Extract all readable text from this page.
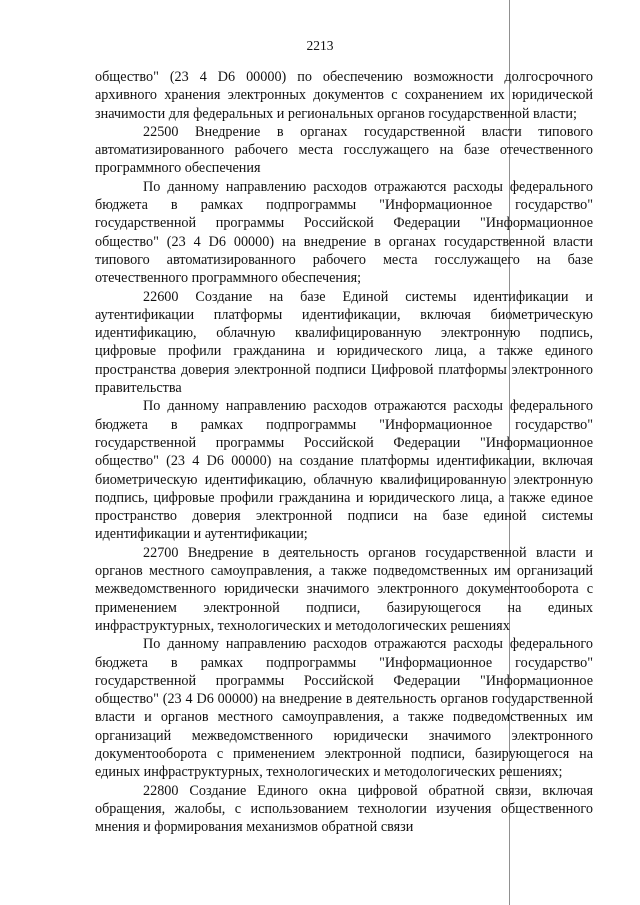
2213

общество" (23 4 D6 00000) по обеспечению возможности долгосрочного архивного хранения электронных документов с сохранением их юридической значимости для федеральных и региональных органов государственной власти;

22500 Внедрение в органах государственной власти типового автоматизированного рабочего места госслужащего на базе отечественного программного обеспечения

По данному направлению расходов отражаются расходы федерального бюджета в рамках подпрограммы "Информационное государство" государственной программы Российской Федерации "Информационное общество" (23 4 D6 00000) на внедрение в органах государственной власти типового автоматизированного рабочего места госслужащего на базе отечественного программного обеспечения;

22600 Создание на базе Единой системы идентификации и аутентификации платформы идентификации, включая биометрическую идентификацию, облачную квалифицированную электронную подпись, цифровые профили гражданина и юридического лица, а также единого пространства доверия электронной подписи Цифровой платформы электронного правительства

По данному направлению расходов отражаются расходы федерального бюджета в рамках подпрограммы "Информационное государство" государственной программы Российской Федерации "Информационное общество" (23 4 D6 00000) на создание платформы идентификации, включая биометрическую идентификацию, облачную квалифицированную электронную подпись, цифровые профили гражданина и юридического лица, а также единое пространство доверия электронной подписи на базе единой системы идентификации и аутентификации;

22700 Внедрение в деятельность органов государственной власти и органов местного самоуправления, а также подведомственных им организаций межведомственного юридически значимого электронного документооборота с применением электронной подписи, базирующегося на единых инфраструктурных, технологических и методологических решениях

По данному направлению расходов отражаются расходы федерального бюджета в рамках подпрограммы "Информационное государство" государственной программы Российской Федерации "Информационное общество" (23 4 D6 00000) на внедрение в деятельность органов государственной власти и органов местного самоуправления, а также подведомственных им организаций межведомственного юридически значимого электронного документооборота с применением электронной подписи, базирующегося на единых инфраструктурных, технологических и методологических решениях;

22800 Создание Единого окна цифровой обратной связи, включая обращения, жалобы, с использованием технологии изучения общественного мнения и формирования механизмов обратной связи
